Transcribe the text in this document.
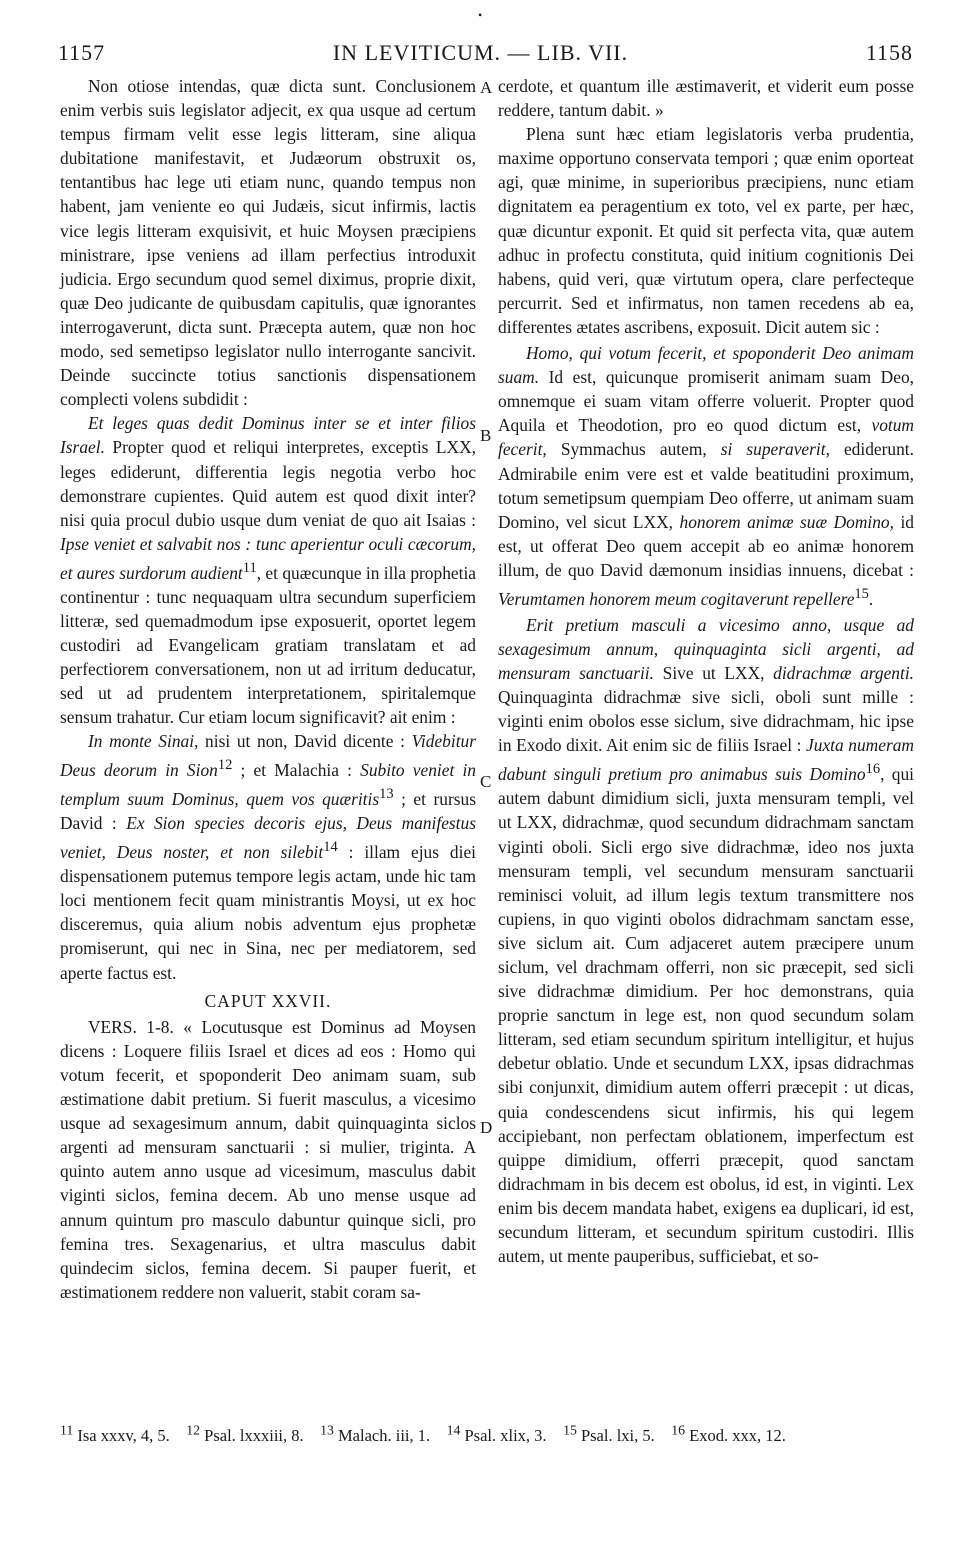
•
1157	IN LEVITICUM. — LIB. VII.	1158
A
B
C
D

Non otiose intendas, quæ dicta sunt. Conclusionem enim verbis suis legislator adjecit, ex qua usque ad certum tempus firmam velit esse legis litteram, sine aliqua dubitatione manifestavit, et Judæorum obstruxit os, tentantibus hac lege uti etiam nunc, quando tempus non habent, jam veniente eo qui Judæis, sicut infirmis, lactis vice legis litteram exquisivit, et huic Moysen præcipiens ministrare, ipse veniens ad illam perfectius introduxit judicia. Ergo secundum quod semel diximus, proprie dixit, quæ Deo judicante de quibusdam capitulis, quæ ignorantes interrogaverunt, dicta sunt. Præcepta autem, quæ non hoc modo, sed semetipso legislator nullo interrogante sancivit. Deinde succincte totius sanctionis dispensationem complecti volens subdidit :

Et leges quas dedit Dominus inter se et inter filios Israel. Propter quod et reliqui interpretes, exceptis LXX, leges ediderunt, differentia legis negotia verbo hoc demonstrare cupientes. Quid autem est quod dixit inter? nisi quia procul dubio usque dum veniat de quo ait Isaias : Ipse veniet et salvabit nos : tunc aperientur oculi cæcorum, et aures surdorum audient$^{11}$, et quæcunque in illa prophetia continentur : tunc nequaquam ultra secundum superficiem litteræ, sed quemadmodum ipse exposuerit, oportet legem custodiri ad Evangelicam gratiam translatam et ad perfectiorem conversationem, non ut ad irritum deducatur, sed ut ad prudentem interpretationem, spiritalemque sensum trahatur. Cur etiam locum significavit? ait enim :

In monte Sinai, nisi ut non, David dicente : Videbitur Deus deorum in Sion$^{12}$ ; et Malachia : Subito veniet in templum suum Dominus, quem vos quæritis$^{13}$ ; et rursus David : Ex Sion species decoris ejus, Deus manifestus veniet, Deus noster, et non silebit$^{14}$ : illam ejus diei dispensationem putemus tempore legis actam, unde hic tam loci mentionem fecit quam ministrantis Moysi, ut ex hoc disceremus, quia alium nobis adventum ejus prophetæ promiserunt, qui nec in Sina, nec per mediatorem, sed aperte factus est.

CAPUT XXVII.

VERS. 1-8. « Locutusque est Dominus ad Moysen dicens : Loquere filiis Israel et dices ad eos : Homo qui votum fecerit, et spoponderit Deo animam suam, sub æstimatione dabit pretium. Si fuerit masculus, a vicesimo usque ad sexagesimum annum, dabit quinquaginta siclos argenti ad mensuram sanctuarii : si mulier, triginta. A quinto autem anno usque ad vicesimum, masculus dabit viginti siclos, femina decem. Ab uno mense usque ad annum quintum pro masculo dabuntur quinque sicli, pro femina tres. Sexagenarius, et ultra masculus dabit quindecim siclos, femina decem. Si pauper fuerit, et æstimationem reddere non valuerit, stabit coram sa-

cerdote, et quantum ille æstimaverit, et viderit eum posse reddere, tantum dabit. »

Plena sunt hæc etiam legislatoris verba prudentia, maxime opportuno conservata tempori ; quæ enim oporteat agi, quæ minime, in superioribus præcipiens, nunc etiam dignitatem ea peragentium ex toto, vel ex parte, per hæc, quæ dicuntur exponit. Et quid sit perfecta vita, quæ autem adhuc in profectu constituta, quid initium cognitionis Dei habens, quid veri, quæ virtutum opera, clare perfecteque percurrit. Sed et infirmatus, non tamen recedens ab ea, differentes ætates ascribens, exposuit. Dicit autem sic :

Homo, qui votum fecerit, et spoponderit Deo animam suam. Id est, quicunque promiserit animam suam Deo, omnemque ei suam vitam offerre voluerit. Propter quod Aquila et Theodotion, pro eo quod dictum est, votum fecerit, Symmachus autem, si superaverit, ediderunt. Admirabile enim vere est et valde beatitudini proximum, totum semetipsum quempiam Deo offerre, ut animam suam Domino, vel sicut LXX, honorem animæ suæ Domino, id est, ut offerat Deo quem accepit ab eo animæ honorem illum, de quo David dæmonum insidias innuens, dicebat : Verumtamen honorem meum cogitaverunt repellere$^{15}$.

Erit pretium masculi a vicesimo anno, usque ad sexagesimum annum, quinquaginta sicli argenti, ad mensuram sanctuarii. Sive ut LXX, didrachmæ argenti. Quinquaginta didrachmæ sive sicli, oboli sunt mille : viginti enim obolos esse siclum, sive didrachmam, hic ipse in Exodo dixit. Ait enim sic de filiis Israel : Juxta numeram dabunt singuli pretium pro animabus suis Domino$^{16}$, qui autem dabunt dimidium sicli, juxta mensuram templi, vel ut LXX, didrachmæ, quod secundum didrachmam sanctam viginti oboli. Sicli ergo sive didrachmæ, ideo nos juxta mensuram templi, vel secundum mensuram sanctuarii reminisci voluit, ad illum legis textum transmittere nos cupiens, in quo viginti obolos didrachmam sanctam esse, sive siclum ait. Cum adjaceret autem præcipere unum siclum, vel drachmam offerri, non sic præcepit, sed sicli sive didrachmæ dimidium. Per hoc demonstrans, quia proprie sanctum in lege est, non quod secundum solam litteram, sed etiam secundum spiritum intelligitur, et hujus debetur oblatio. Unde et secundum LXX, ipsas didrachmas sibi conjunxit, dimidium autem offerri præcepit : ut dicas, quia condescendens sicut infirmis, his qui legem accipiebant, non perfectam oblationem, imperfectum est quippe dimidium, offerri præcepit, quod sanctam didrachmam in bis decem est obolus, id est, in viginti. Lex enim bis decem mandata habet, exigens ea duplicari, id est, secundum litteram, et secundum spiritum custodiri. Illis autem, ut mente pauperibus, sufficiebat, et so-

$^{11}$ Isa xxxv, 4, 5. $^{12}$ Psal. lxxxiii, 8. $^{13}$ Malach. iii, 1. $^{14}$ Psal. xlix, 3. $^{15}$ Psal. lxi, 5. $^{16}$ Exod. xxx, 12.
